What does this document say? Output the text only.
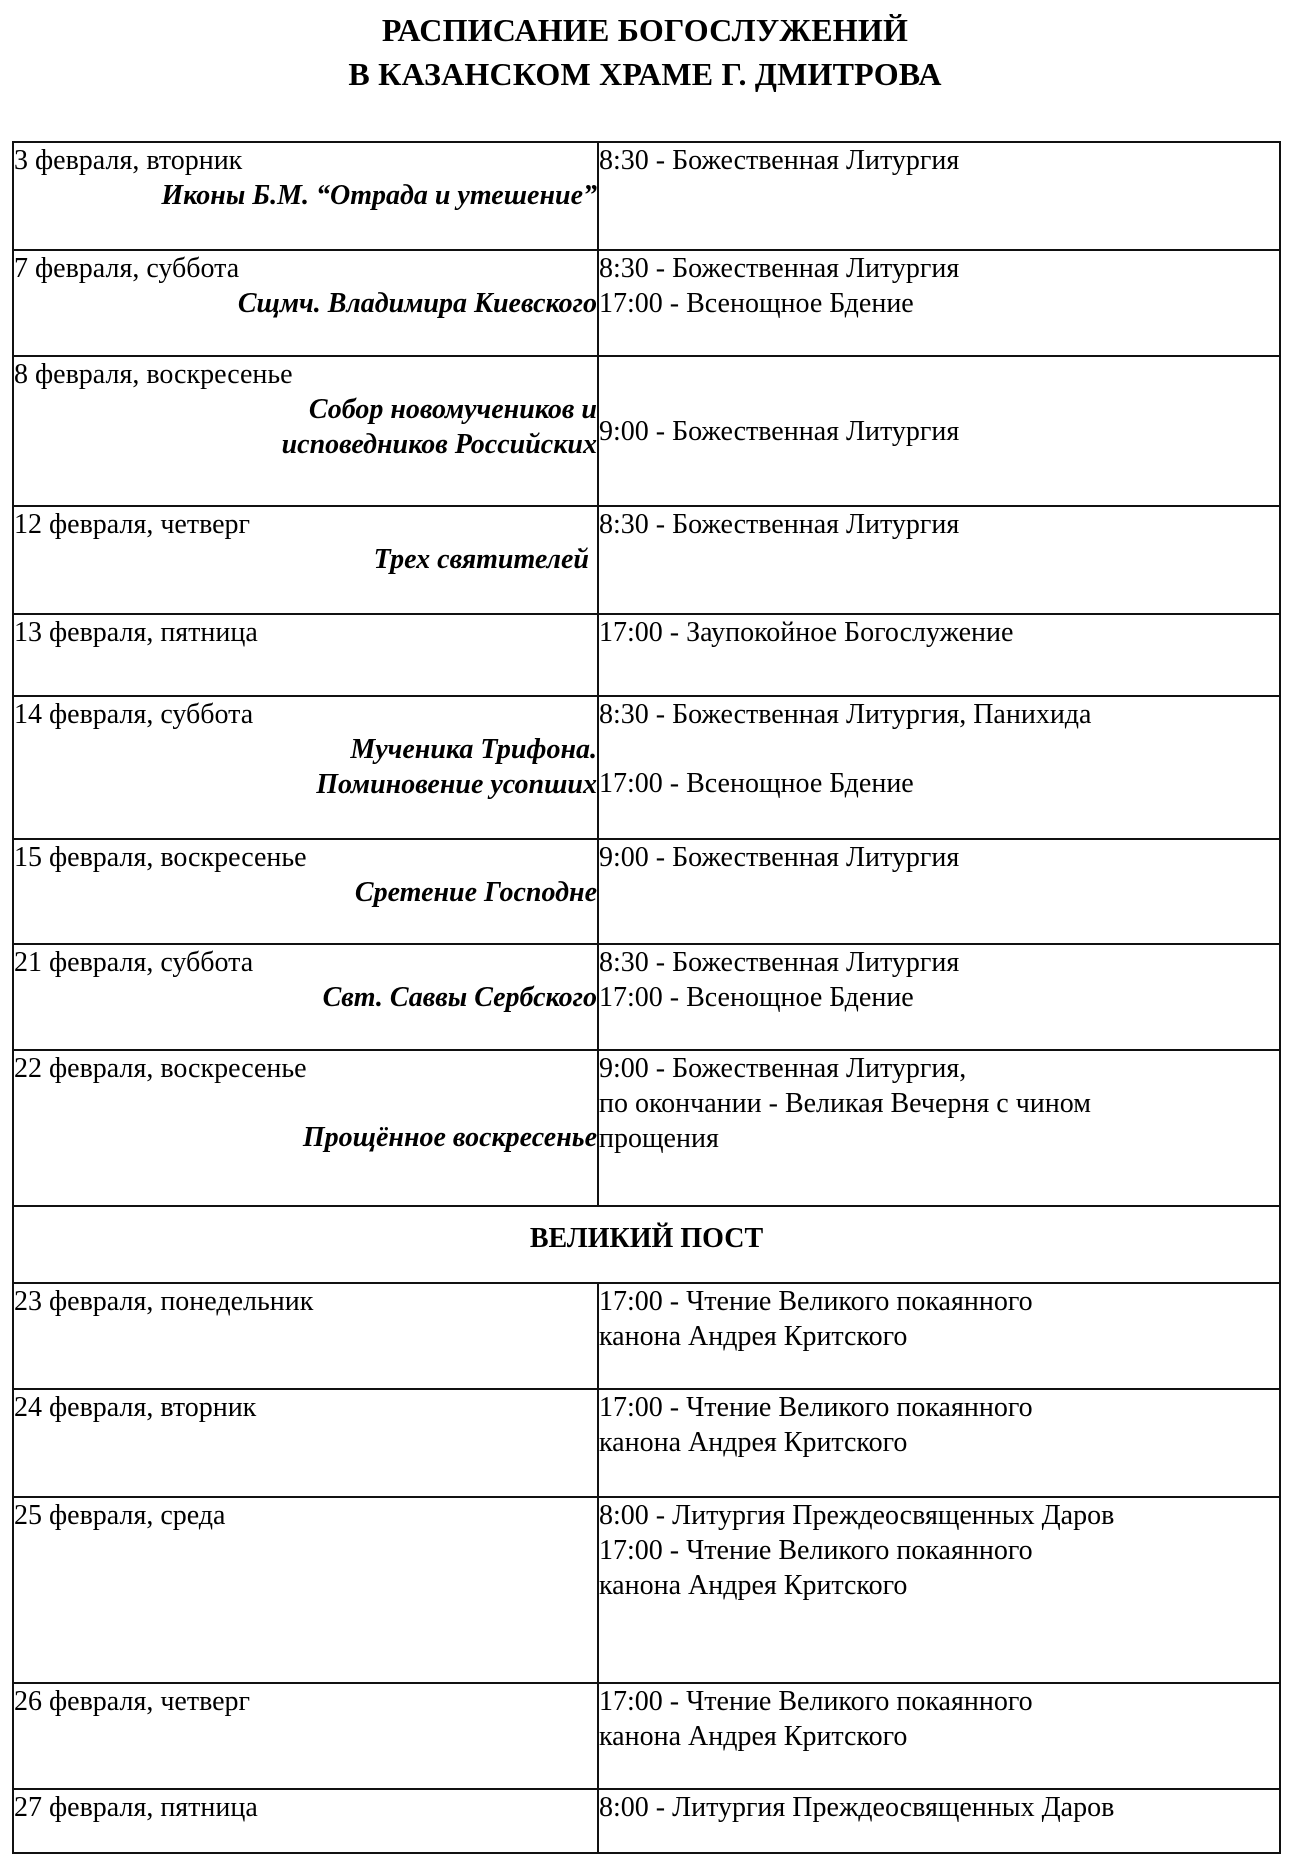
РАСПИСАНИЕ БОГОСЛУЖЕНИЙ
В КАЗАНСКОМ ХРАМЕ Г. ДМИТРОВА
3 февраля, вторник
Иконы Б.М. “Отрада и утешение”	8:30 - Божественная Литургия

7 февраля, суббота
Сщмч. Владимира Киевского	8:30 - Божественная Литургия
17:00 - Всенощное Бдение

8 февраля, воскресенье
Собор новомучеников и
исповедников Российских	9:00 - Божественная Литургия

12 февраля, четверг
Трех святителей	8:30 - Божественная Литургия

13 февраля, пятница	17:00 - Заупокойное Богослужение

14 февраля, суббота
Мученика Трифона.
Поминовение усопших	8:30 - Божественная Литургия, Панихида
17:00 - Всенощное Бдение

15 февраля, воскресенье
Сретение Господне	9:00 - Божественная Литургия

21 февраля, суббота
Свт. Саввы Сербского	8:30 - Божественная Литургия
17:00 - Всенощное Бдение

22 февраля, воскресенье
Прощённое воскресенье	9:00 - Божественная Литургия,
по окончании - Великая Вечерня с чином
прощения

ВЕЛИКИЙ ПОСТ	

23 февраля, понедельник	17:00 - Чтение Великого покаянного
канона Андрея Критского

24 февраля, вторник	17:00 - Чтение Великого покаянного
канона Андрея Критского

25 февраля, среда	8:00 - Литургия Преждеосвященных Даров
17:00 - Чтение Великого покаянного
канона Андрея Критского

26 февраля, четверг	17:00 - Чтение Великого покаянного
канона Андрея Критского

27 февраля, пятница	8:00 - Литургия Преждеосвященных Даров
